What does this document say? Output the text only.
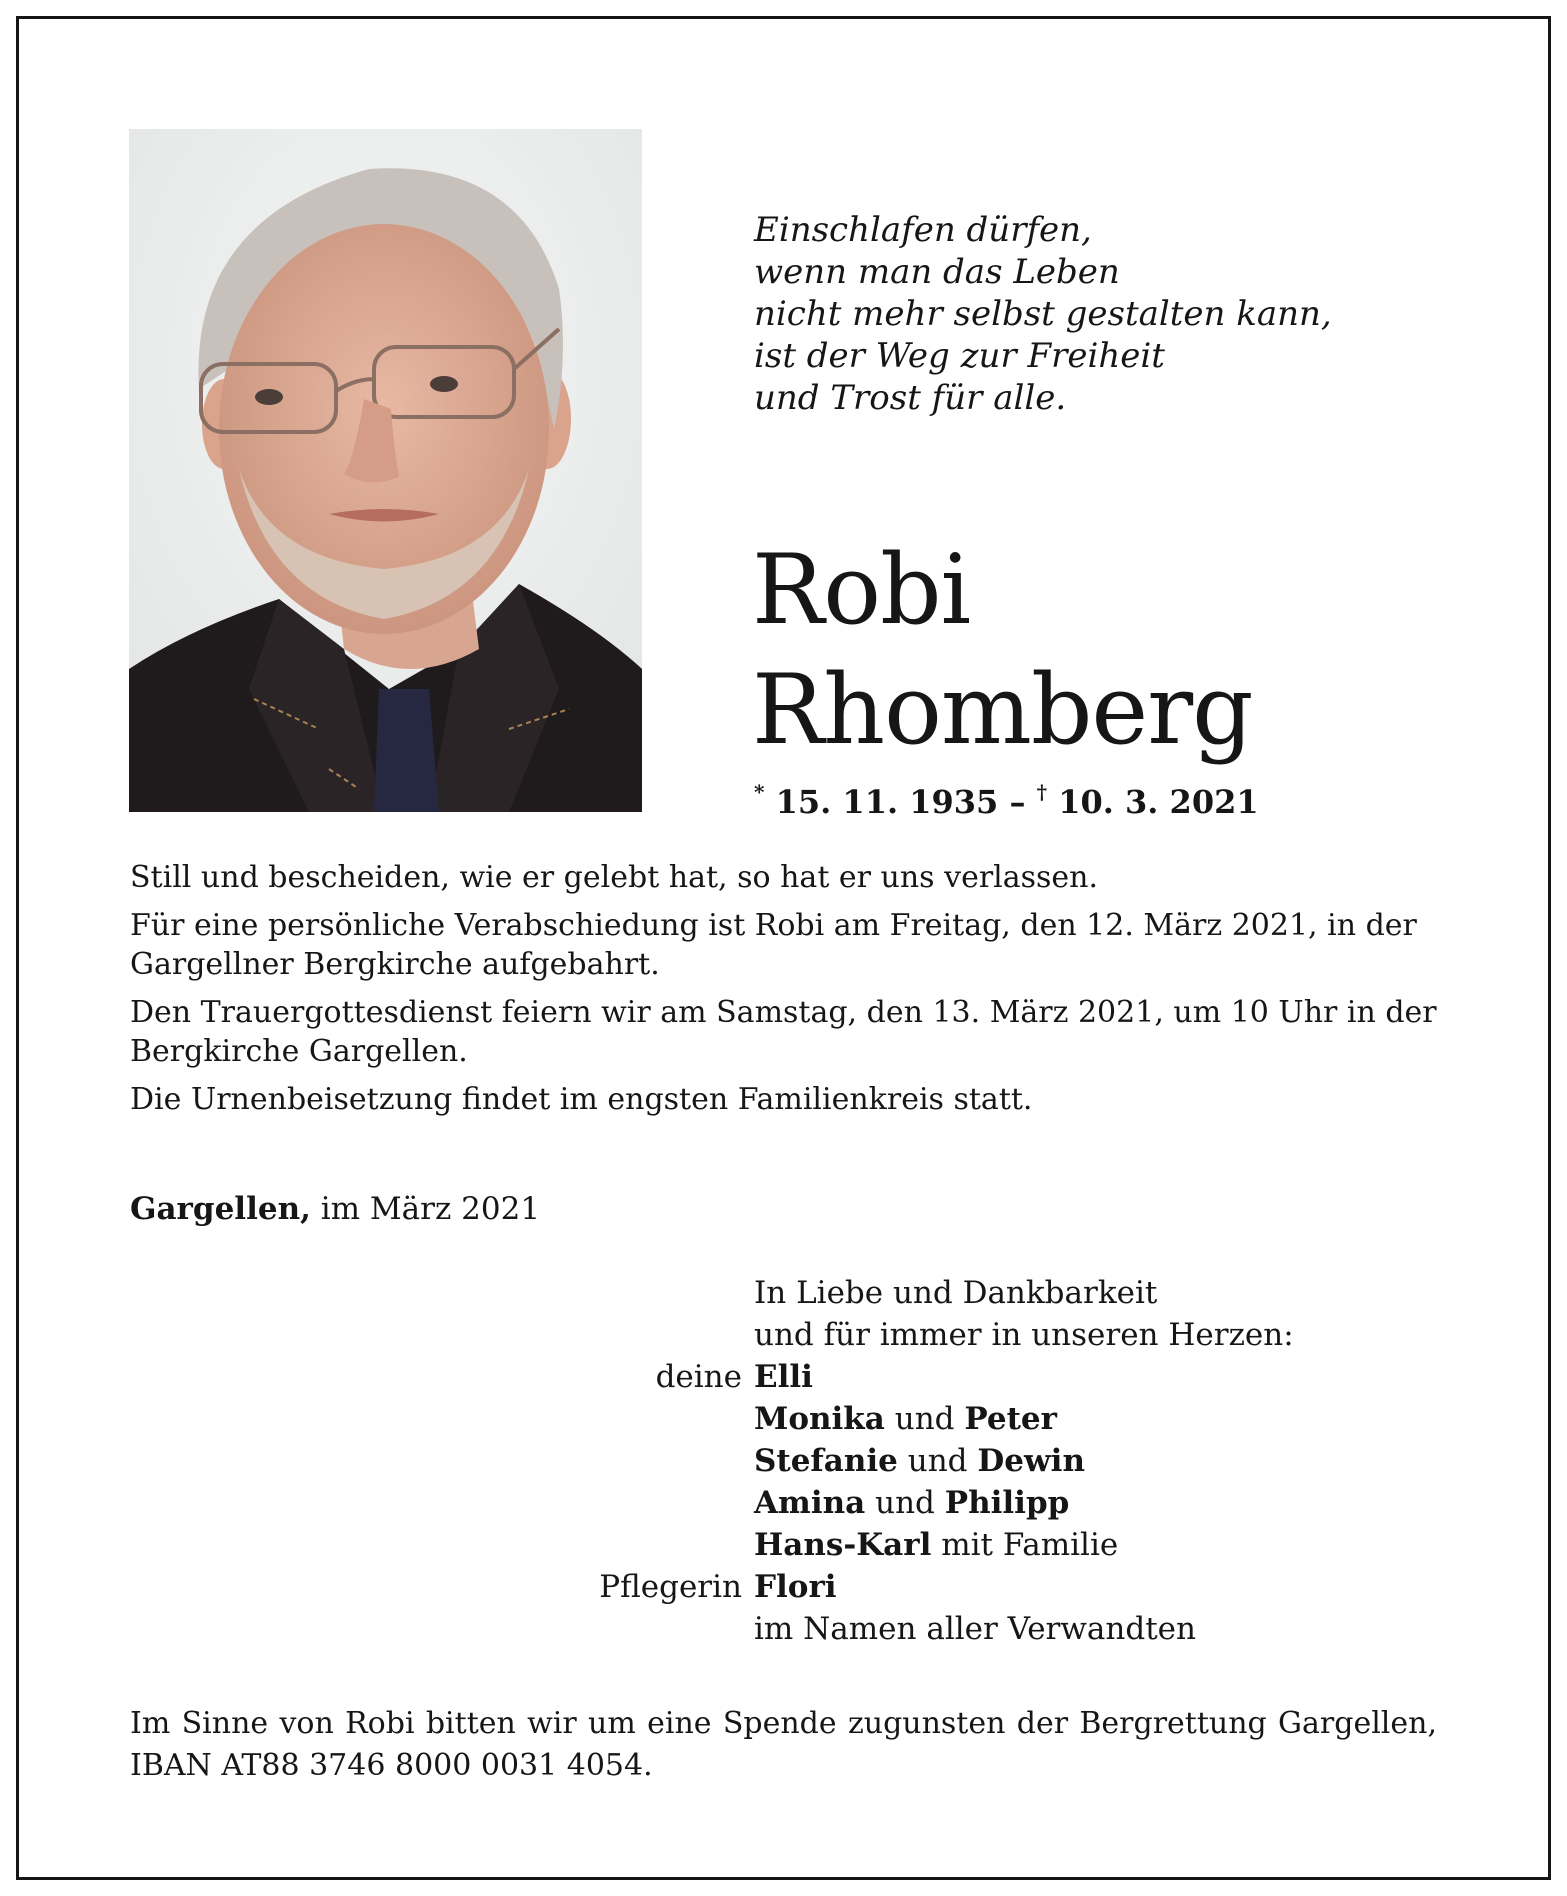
Einschlafen dürfen,
wenn man das Leben
nicht mehr selbst gestalten kann,
ist der Weg zur Freiheit
und Trost für alle.
Robi
Rhomberg
* 15. 11. 1935 – † 10. 3. 2021

Still und bescheiden, wie er gelebt hat, so hat er uns verlassen.

Für eine persönliche Verabschiedung ist Robi am Freitag, den 12. März 2021, in der Gargellner Bergkirche aufgebahrt.

Den Trauergottesdienst feiern wir am Samstag, den 13. März 2021, um 10 Uhr in der Bergkirche Gargellen.

Die Urnenbeisetzung findet im engsten Familienkreis statt.

Gargellen, im März 2021
In Liebe und Dankbarkeit
und für immer in unseren Herzen:
deine Elli
Monika und Peter
Stefanie und Dewin
Amina und Philipp
Hans-Karl mit Familie
Pflegerin Flori
im Namen aller Verwandten
Im Sinne von Robi bitten wir um eine Spende zugunsten der Bergrettung Gargellen, IBAN AT88 3746 8000 0031 4054.
